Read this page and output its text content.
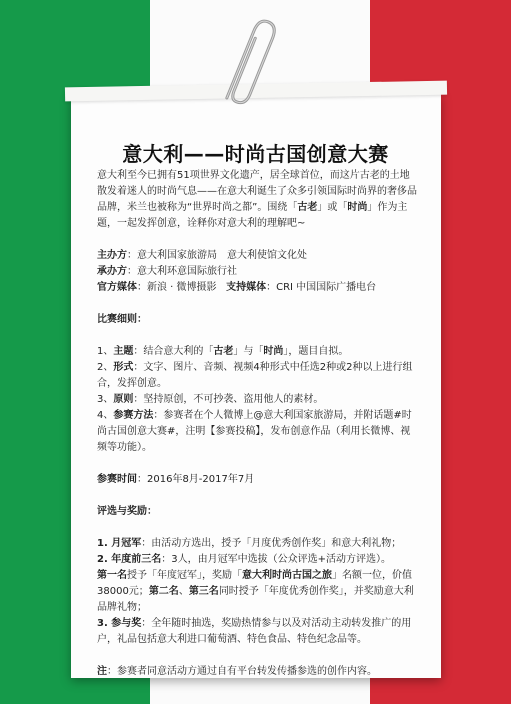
意大利——时尚古国创意大赛

意大利至今已拥有51项世界文化遗产，居全球首位，而这片古老的土地散发着迷人的时尚气息——在意大利诞生了众多引领国际时尚界的奢侈品品牌，米兰也被称为“世界时尚之都”。围绕「古老」或「时尚」作为主题，一起发挥创意，诠释你对意大利的理解吧~

主办方：意大利国家旅游局　意大利使馆文化处

承办方：意大利环意国际旅行社

官方媒体：新浪 · 微博摄影 支持媒体：CRI 中国国际广播电台

比赛细则：

1、主题：结合意大利的「古老」与「时尚」，题目自拟。

2、形式：文字、图片、音频、视频4种形式中任选2种或2种以上进行组合，发挥创意。

3、原则：坚持原创，不可抄袭、盗用他人的素材。

4、参赛方法：参赛者在个人微博上@意大利国家旅游局，并附话题#时尚古国创意大赛#，注明【参赛投稿】，发布创意作品（利用长微博、视频等功能）。

参赛时间：2016年8月-2017年7月

评选与奖励：

1. 月冠军：由活动方选出，授予「月度优秀创作奖」和意大利礼物；

2. 年度前三名：3人，由月冠军中选拔（公众评选+活动方评选）。

第一名授予「年度冠军」，奖励「意大利时尚古国之旅」名额一位，价值38000元；第二名、第三名同时授予「年度优秀创作奖」，并奖励意大利品牌礼物；

3. 参与奖：全年随时抽选，奖励热情参与以及对活动主动转发推广的用户，礼品包括意大利进口葡萄酒、特色食品、特色纪念品等。

注：参赛者同意活动方通过自有平台转发传播参选的创作内容。
